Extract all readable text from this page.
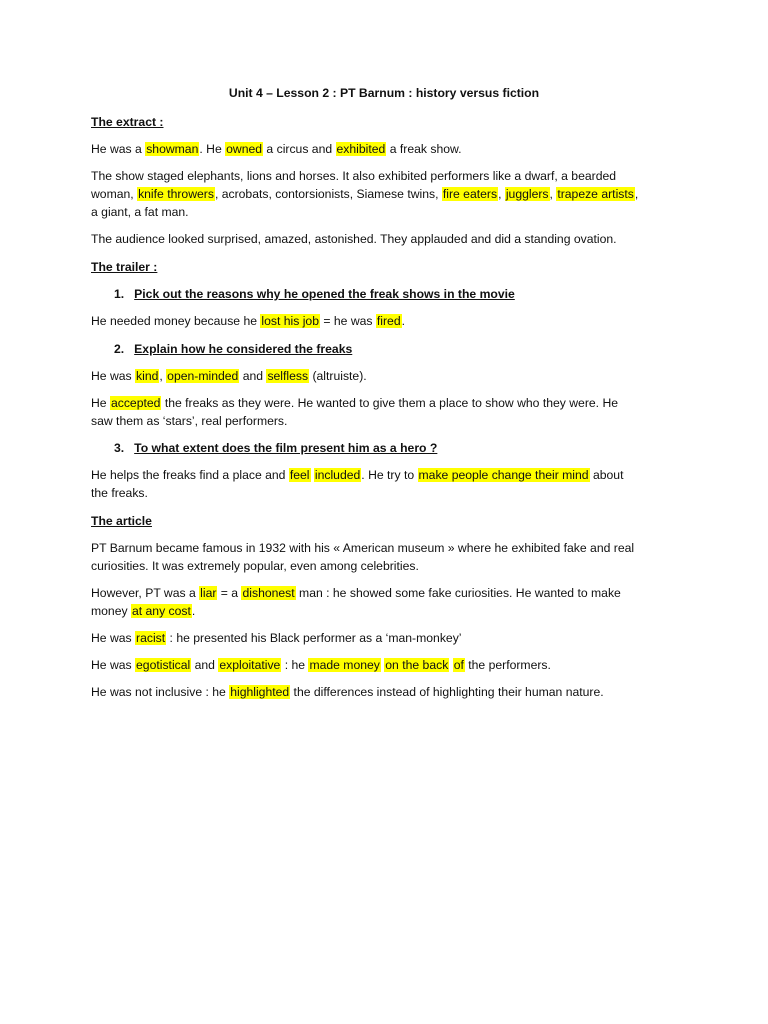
Unit 4 – Lesson 2 : PT Barnum : history versus fiction
The extract :
He was a showman. He owned a circus and exhibited a freak show.
The show staged elephants, lions and horses. It also exhibited performers like a dwarf, a bearded
woman, knife throwers, acrobats, contorsionists, Siamese twins, fire eaters, jugglers, trapeze artists,
a giant, a fat man.
The audience looked surprised, amazed, astonished. They applauded and did a standing ovation.
The trailer :
1. Pick out the reasons why he opened the freak shows in the movie
He needed money because he lost his job = he was fired.
2. Explain how he considered the freaks
He was kind, open-minded and selfless (altruiste).
He accepted the freaks as they were. He wanted to give them a place to show who they were. He
saw them as ‘stars’, real performers.
3. To what extent does the film present him as a hero ?
He helps the freaks find a place and feel included. He try to make people change their mind about
the freaks.
The article
PT Barnum became famous in 1932 with his « American museum » where he exhibited fake and real
curiosities. It was extremely popular, even among celebrities.
However, PT was a liar = a dishonest man : he showed some fake curiosities. He wanted to make
money at any cost.
He was racist : he presented his Black performer as a ‘man-monkey’
He was egotistical and exploitative : he made money on the back of the performers.
He was not inclusive : he highlighted the differences instead of highlighting their human nature.
